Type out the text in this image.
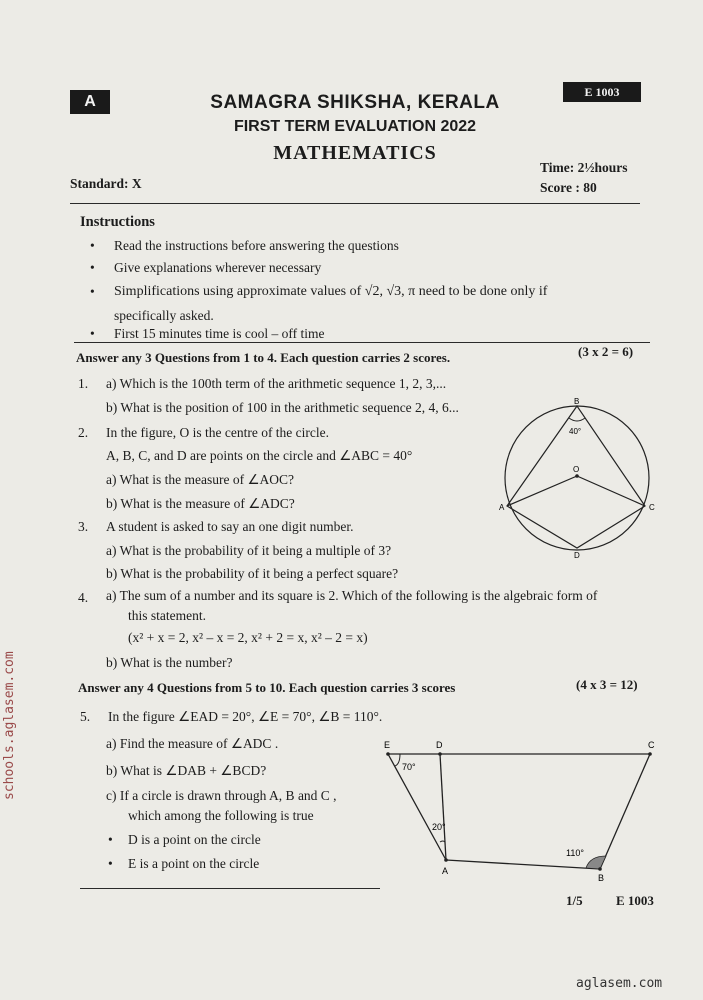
A
E 1003
SAMAGRA SHIKSHA, KERALA
FIRST TERM EVALUATION 2022
MATHEMATICS
Standard: X
Time: 2½hours
Score : 80
Instructions
• Read the instructions before answering the questions
• Give explanations wherever necessary
• Simplifications using approximate values of √2, √3, π need to be done only if
specifically asked.
• First 15 minutes time is cool – off time
Answer any 3 Questions from 1 to 4. Each question carries 2 scores.	(3 x 2 = 6)
1. a) Which is the 100th term of the arithmetic sequence 1, 2, 3,...
b) What is the position of 100 in the arithmetic sequence 2, 4, 6...
2. In the figure, O is the centre of the circle.
A, B, C, and D are points on the circle and ∠ABC = 40°
a) What is the measure of ∠AOC?
b) What is the measure of ∠ADC?
3. A student is asked to say an one digit number.
a) What is the probability of it being a multiple of 3?
b) What is the probability of it being a perfect square?
4. a) The sum of a number and its square is 2. Which of the following is the algebraic form of
this statement.
(x² + x = 2, x² – x = 2, x² + 2 = x, x² – 2 = x)
b) What is the number?
Answer any 4 Questions from 5 to 10. Each question carries 3 scores	(4 x 3 = 12)
5. In the figure ∠EAD = 20°, ∠E = 70°, ∠B = 110°.
a) Find the measure of ∠ADC .
b) What is ∠DAB + ∠BCD?
c) If a circle is drawn through A, B and C ,
which among the following is true
• D is a point on the circle
• E is a point on the circle
B
40°
O
A	C
D
E	D	C
70°
20°
110°
A
B
1/5	E 1003
schools.aglasem.com
aglasem.com
